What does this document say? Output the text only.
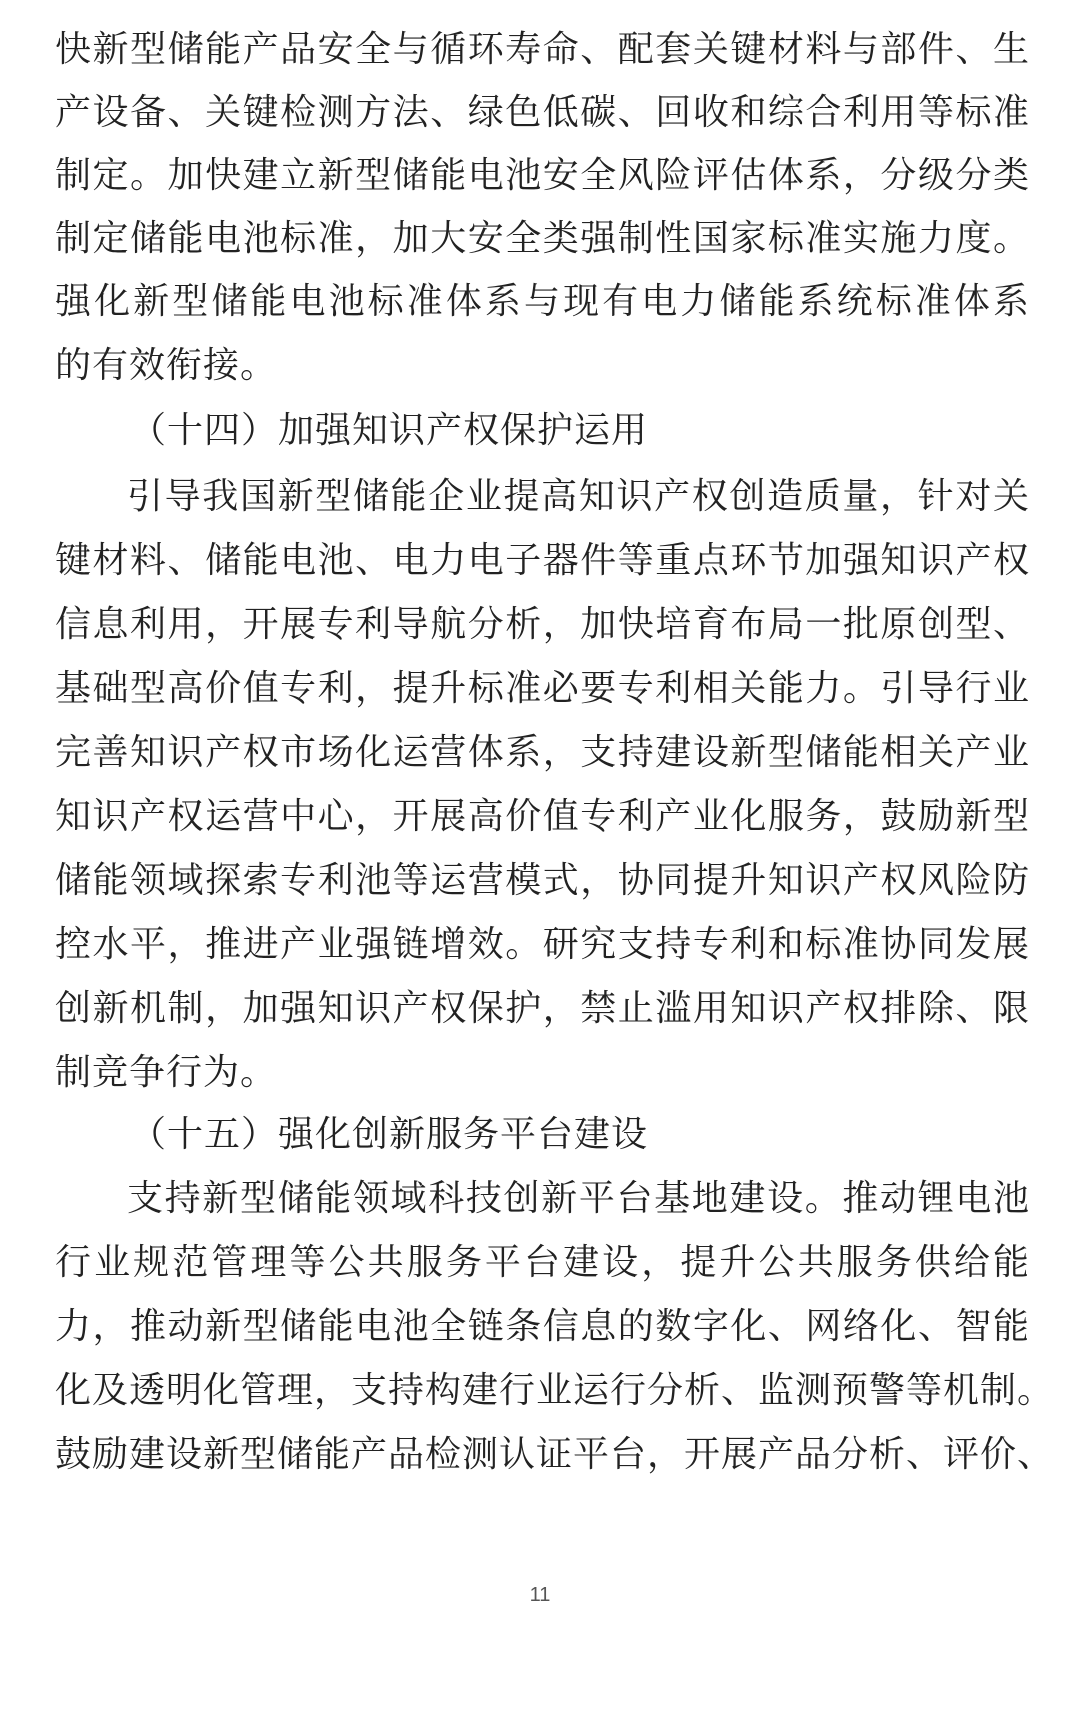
快新型储能产品安全与循环寿命、配套关键材料与部件、生

产设备、关键检测方法、绿色低碳、回收和综合利用等标准

制定。加快建立新型储能电池安全风险评估体系，分级分类

制定储能电池标准，加大安全类强制性国家标准实施力度。

强化新型储能电池标准体系与现有电力储能系统标准体系

的有效衔接。

（十四）加强知识产权保护运用

引导我国新型储能企业提高知识产权创造质量，针对关

键材料、储能电池、电力电子器件等重点环节加强知识产权

信息利用，开展专利导航分析，加快培育布局一批原创型、

基础型高价值专利，提升标准必要专利相关能力。引导行业

完善知识产权市场化运营体系，支持建设新型储能相关产业

知识产权运营中心，开展高价值专利产业化服务，鼓励新型

储能领域探索专利池等运营模式，协同提升知识产权风险防

控水平，推进产业强链增效。研究支持专利和标准协同发展

创新机制，加强知识产权保护，禁止滥用知识产权排除、限

制竞争行为。

（十五）强化创新服务平台建设

支持新型储能领域科技创新平台基地建设。推动锂电池

行业规范管理等公共服务平台建设，提升公共服务供给能

力，推动新型储能电池全链条信息的数字化、网络化、智能

化及透明化管理，支持构建行业运行分析、监测预警等机制。

鼓励建设新型储能产品检测认证平台，开展产品分析、评价、

11
